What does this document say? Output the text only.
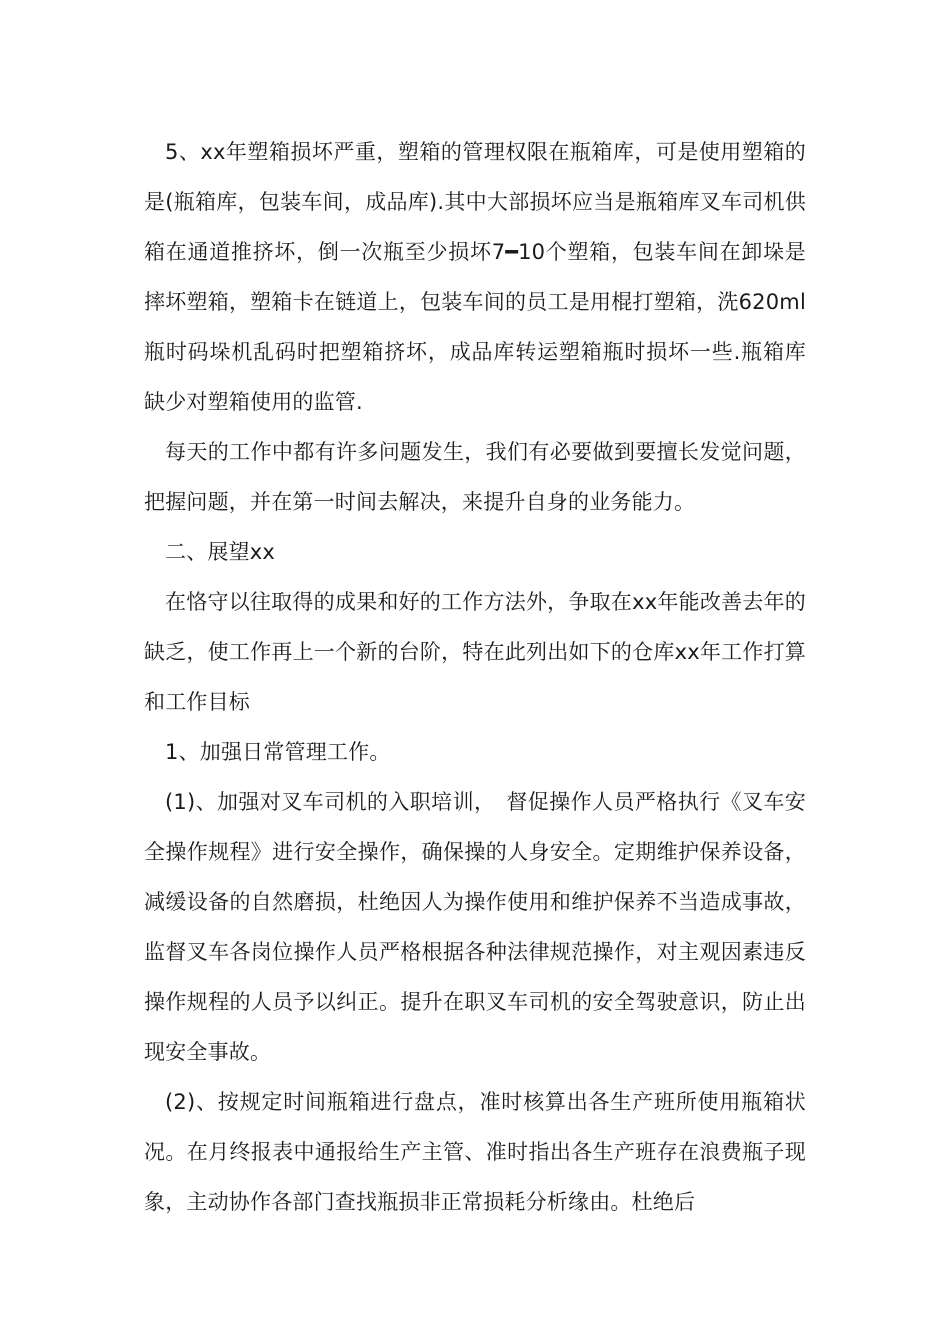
5、xx年塑箱损坏严重，塑箱的管理权限在瓶箱库，可是使用塑箱的是(瓶箱库，包装车间，成品库).其中大部损坏应当是瓶箱库叉车司机供箱在通道推挤坏，倒一次瓶至少损坏7━10个塑箱，包装车间在卸垛是摔坏塑箱，塑箱卡在链道上，包装车间的员工是用棍打塑箱，洗620ml瓶时码垛机乱码时把塑箱挤坏，成品库转运塑箱瓶时损坏一些.瓶箱库缺少对塑箱使用的监管.

每天的工作中都有许多问题发生，我们有必要做到要擅长发觉问题，把握问题，并在第一时间去解决，来提升自身的业务能力。

二、展望xx

在恪守以往取得的成果和好的工作方法外，争取在xx年能改善去年的缺乏，使工作再上一个新的台阶，特在此列出如下的仓库xx年工作打算和工作目标

1、加强日常管理工作。

(1)、加强对叉车司机的入职培训，　督促操作人员严格执行《叉车安全操作规程》进行安全操作，确保操的人身安全。定期维护保养设备，减缓设备的自然磨损，杜绝因人为操作使用和维护保养不当造成事故，监督叉车各岗位操作人员严格根据各种法律规范操作，对主观因素违反操作规程的人员予以纠正。提升在职叉车司机的安全驾驶意识，防止出现安全事故。

(2)、按规定时间瓶箱进行盘点，准时核算出各生产班所使用瓶箱状况。在月终报表中通报给生产主管、准时指出各生产班存在浪费瓶子现象，主动协作各部门查找瓶损非正常损耗分析缘由。杜绝后
